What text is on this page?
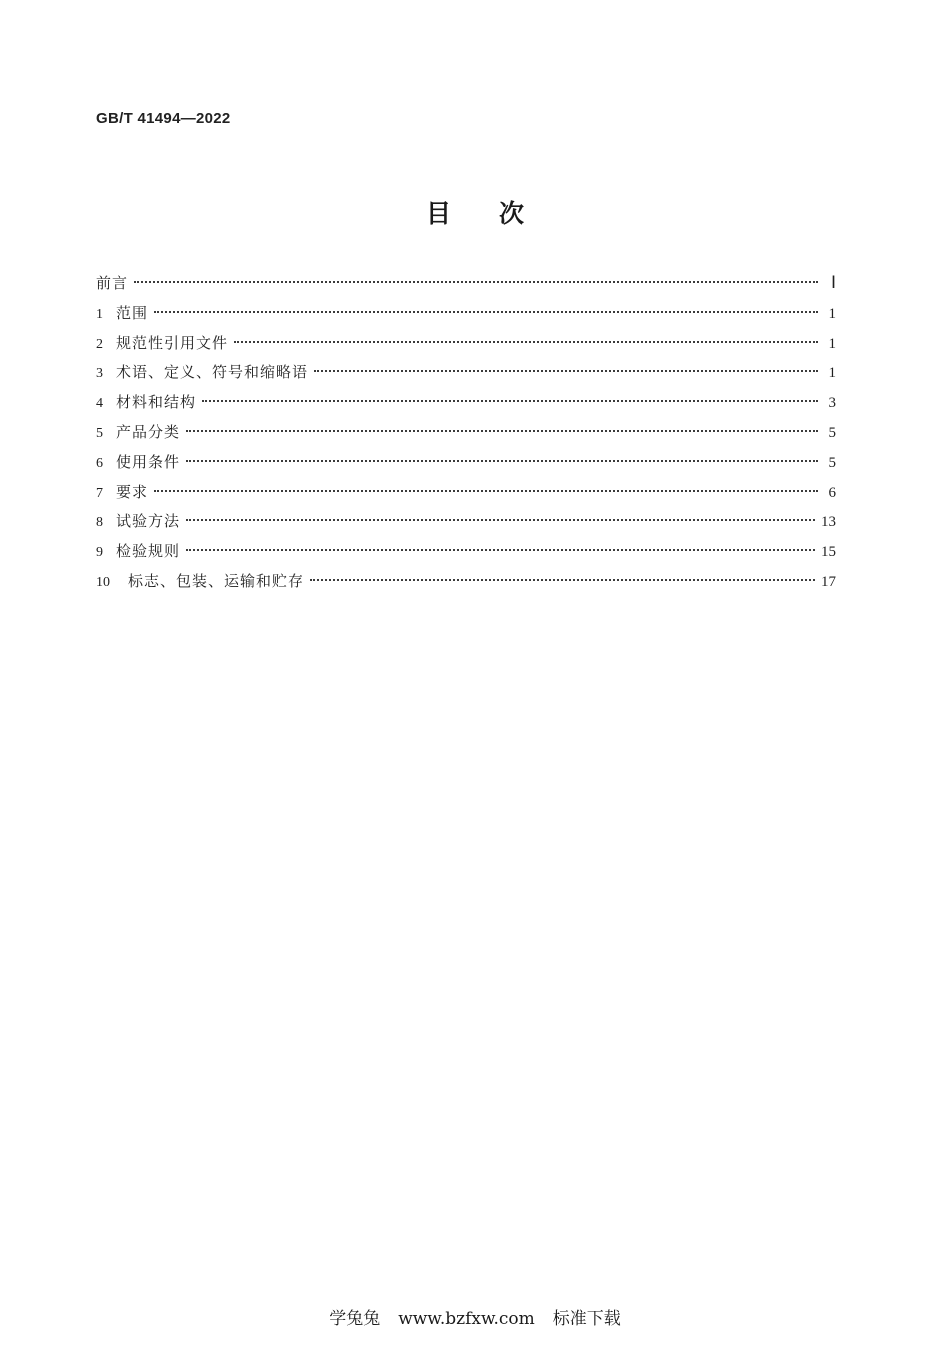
GB/T 41494—2022
目次
前言	Ⅰ
1 范围	1
2 规范性引用文件	1
3 术语、定义、符号和缩略语	1
4 材料和结构	3
5 产品分类	5
6 使用条件	5
7 要求	6
8 试验方法	13
9 检验规则	15
10	标志、包装、运输和贮存	17
学兔兔 www.bzfxw.com 标准下载
